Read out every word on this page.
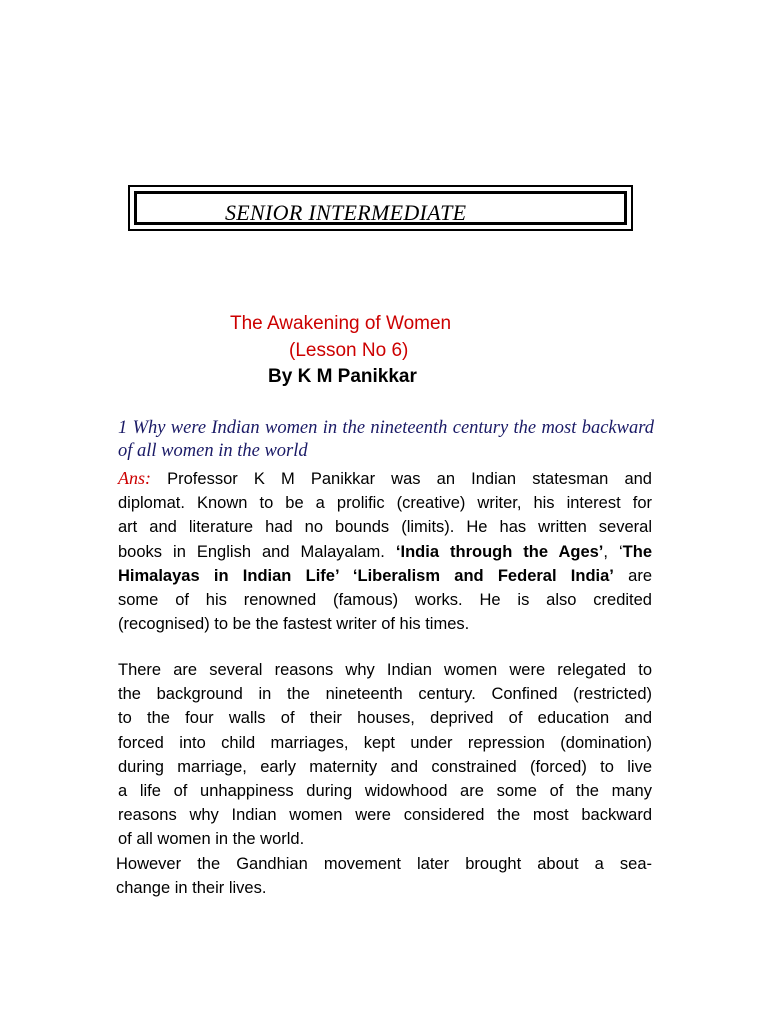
SENIOR INTERMEDIATE
The Awakening of Women
(Lesson No 6)
By K M Panikkar
1 Why were Indian women in the nineteenth century the most backward of all women in the world
Ans: Professor K M Panikkar was an Indian statesman and
diplomat. Known to be a prolific (creative) writer, his interest for
art and literature had no bounds (limits). He has written several
books in English and Malayalam. ‘India through the Ages’, ‘The
Himalayas in Indian Life’ ‘Liberalism and Federal India’ are
some of his renowned (famous) works. He is also credited
(recognised) to be the fastest writer of his times.
There are several reasons why Indian women were relegated to
the background in the nineteenth century. Confined (restricted)
to the four walls of their houses, deprived of education and
forced into child marriages, kept under repression (domination)
during marriage, early maternity and constrained (forced) to live
a life of unhappiness during widowhood are some of the many
reasons why Indian women were considered the most backward
of all women in the world.
However the Gandhian movement later brought about a sea-
change in their lives.
